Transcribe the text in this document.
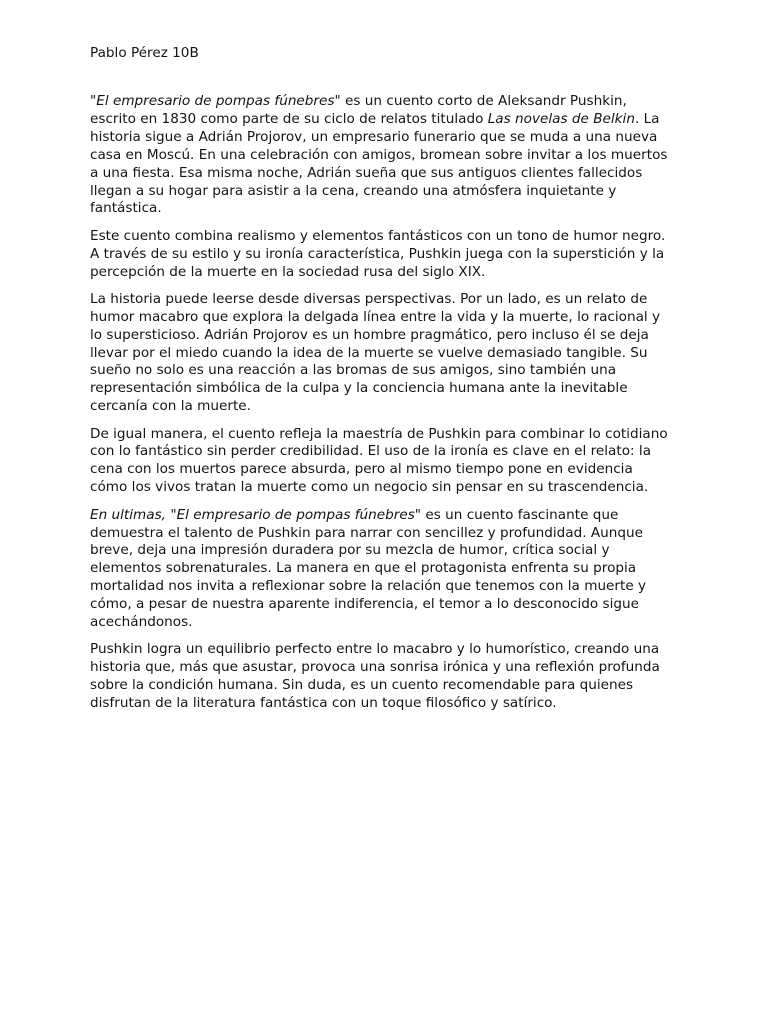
Pablo Pérez 10B

"El empresario de pompas fúnebres" es un cuento corto de Aleksandr Pushkin,
escrito en 1830 como parte de su ciclo de relatos titulado Las novelas de Belkin. La
historia sigue a Adrián Projorov, un empresario funerario que se muda a una nueva
casa en Moscú. En una celebración con amigos, bromean sobre invitar a los muertos
a una fiesta. Esa misma noche, Adrián sueña que sus antiguos clientes fallecidos
llegan a su hogar para asistir a la cena, creando una atmósfera inquietante y
fantástica.

Este cuento combina realismo y elementos fantásticos con un tono de humor negro.
A través de su estilo y su ironía característica, Pushkin juega con la superstición y la
percepción de la muerte en la sociedad rusa del siglo XIX.

La historia puede leerse desde diversas perspectivas. Por un lado, es un relato de
humor macabro que explora la delgada línea entre la vida y la muerte, lo racional y
lo supersticioso. Adrián Projorov es un hombre pragmático, pero incluso él se deja
llevar por el miedo cuando la idea de la muerte se vuelve demasiado tangible. Su
sueño no solo es una reacción a las bromas de sus amigos, sino también una
representación simbólica de la culpa y la conciencia humana ante la inevitable
cercanía con la muerte.

De igual manera, el cuento refleja la maestría de Pushkin para combinar lo cotidiano
con lo fantástico sin perder credibilidad. El uso de la ironía es clave en el relato: la
cena con los muertos parece absurda, pero al mismo tiempo pone en evidencia
cómo los vivos tratan la muerte como un negocio sin pensar en su trascendencia.

En ultimas, "El empresario de pompas fúnebres" es un cuento fascinante que
demuestra el talento de Pushkin para narrar con sencillez y profundidad. Aunque
breve, deja una impresión duradera por su mezcla de humor, crítica social y
elementos sobrenaturales. La manera en que el protagonista enfrenta su propia
mortalidad nos invita a reflexionar sobre la relación que tenemos con la muerte y
cómo, a pesar de nuestra aparente indiferencia, el temor a lo desconocido sigue
acechándonos.

Pushkin logra un equilibrio perfecto entre lo macabro y lo humorístico, creando una
historia que, más que asustar, provoca una sonrisa irónica y una reflexión profunda
sobre la condición humana. Sin duda, es un cuento recomendable para quienes
disfrutan de la literatura fantástica con un toque filosófico y satírico.
